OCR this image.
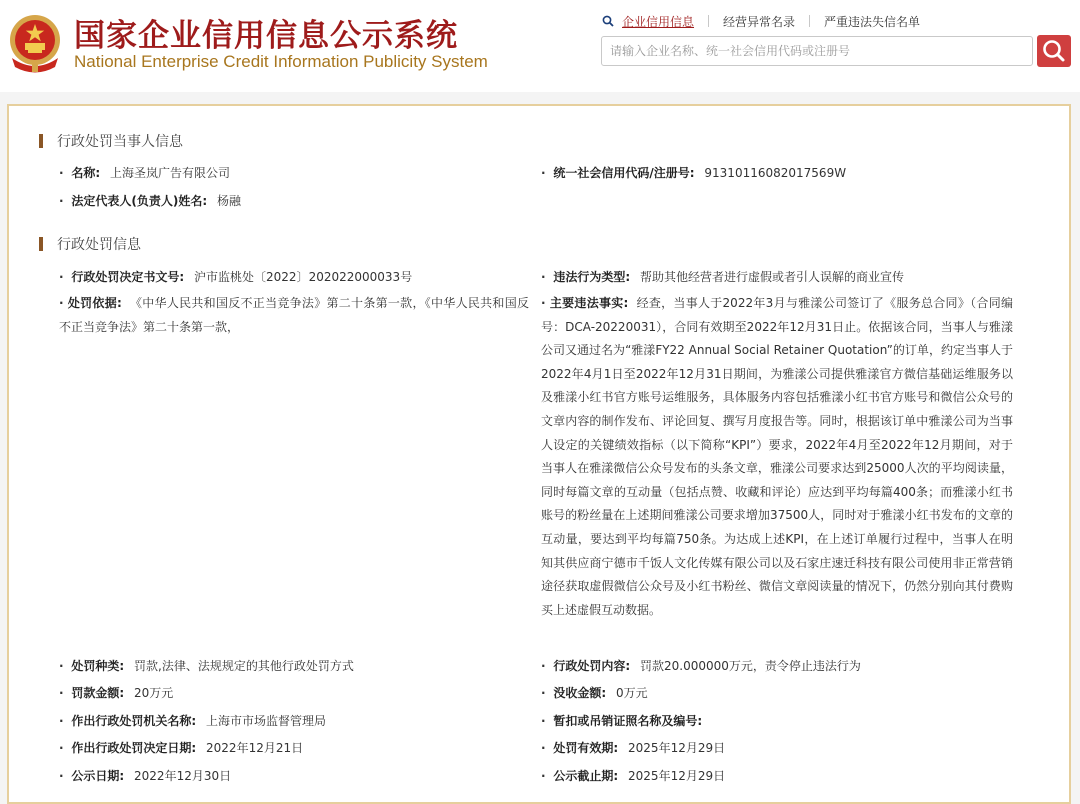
国家企业信用信息公示系统
National Enterprise Credit Information Publicity System
企业信用信息 经营异常名录 严重违法失信名单
请输入企业名称、统一社会信用代码或注册号
行政处罚当事人信息
· 名称: 上海圣岚广告有限公司	· 统一社会信用代码/注册号: 91310116082017569W
· 法定代表人(负责人)姓名: 杨融
行政处罚信息
· 行政处罚决定书文号: 沪市监桃处〔2022〕202022000033号	· 违法行为类型: 帮助其他经营者进行虚假或者引人误解的商业宣传
· 处罚依据: 《中华人民共和国反不正当竞争法》第二十条第一款，《中华人民共和国反不正当竞争法》第二十条第一款，
· 主要违法事实: 经查，当事人于2022年3月与雅漾公司签订了《服务总合同》（合同编号：DCA-20220031），合同有效期至2022年12月31日止。依据该合同，当事人与雅漾公司又通过名为“雅漾FY22 Annual Social Retainer Quotation”的订单，约定当事人于2022年4月1日至2022年12月31日期间，为雅漾公司提供雅漾官方微信基础运维服务以及雅漾小红书官方账号运维服务，具体服务内容包括雅漾小红书官方账号和微信公众号的文章内容的制作发布、评论回复、撰写月度报告等。同时，根据该订单中雅漾公司为当事人设定的关键绩效指标（以下简称“KPI”）要求，2022年4月至2022年12月期间，对于当事人在雅漾微信公众号发布的头条文章，雅漾公司要求达到25000人次的平均阅读量，同时每篇文章的互动量（包括点赞、收藏和评论）应达到平均每篇400条；而雅漾小红书账号的粉丝量在上述期间雅漾公司要求增加37500人，同时对于雅漾小红书发布的文章的互动量，要达到平均每篇750条。为达成上述KPI，在上述订单履行过程中，当事人在明知其供应商宁德市千饭人文化传媒有限公司以及石家庄速迁科技有限公司使用非正常营销途径获取虚假微信公众号及小红书粉丝、微信文章阅读量的情况下，仍然分别向其付费购买上述虚假互动数据。
· 处罚种类: 罚款,法律、法规规定的其他行政处罚方式	· 行政处罚内容: 罚款20.000000万元，责令停止违法行为
· 罚款金额: 20万元	· 没收金额: 0万元
· 作出行政处罚机关名称: 上海市市场监督管理局	· 暂扣或吊销证照名称及编号:
· 作出行政处罚决定日期: 2022年12月21日	· 处罚有效期: 2025年12月29日
· 公示日期: 2022年12月30日	· 公示截止期: 2025年12月29日
